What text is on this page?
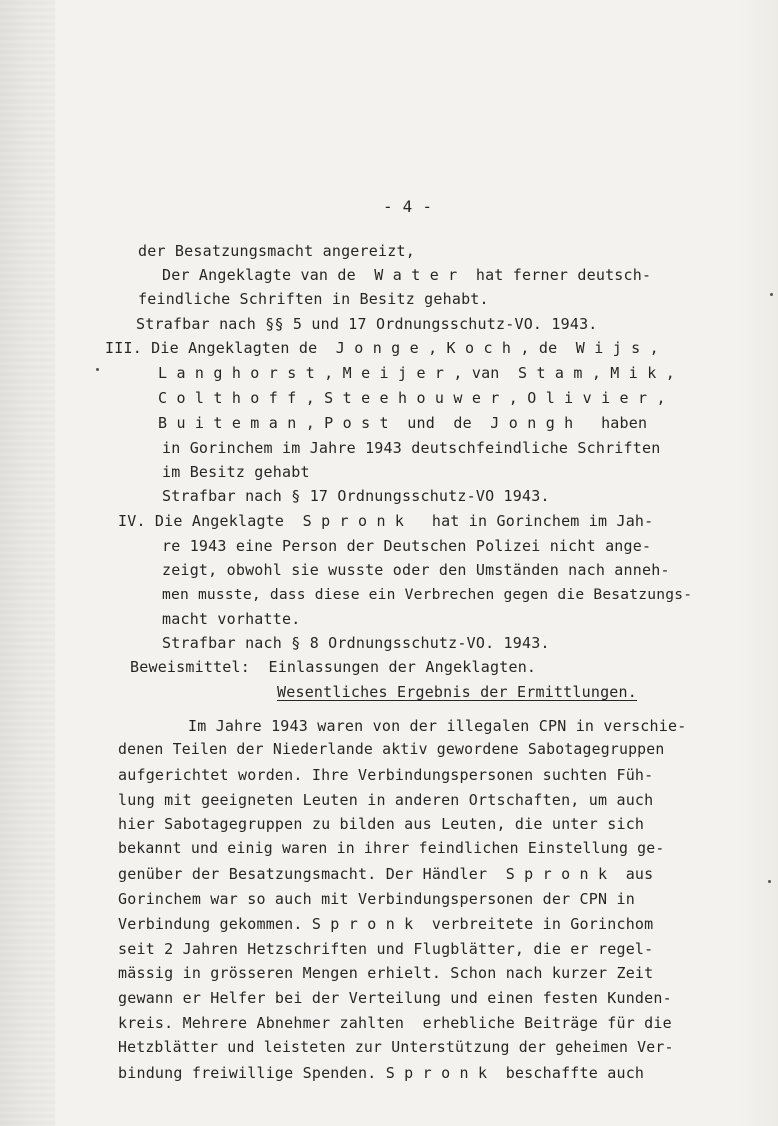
- 4 -
der Besatzungsmacht angereizt,
Der Angeklagte van de  W a t e r  hat ferner deutsch-
feindliche Schriften in Besitz gehabt.
Strafbar nach §§ 5 und 17 Ordnungsschutz-VO. 1943.
III. Die Angeklagten de  J o n g e , K o c h , de  W i j s ,
L a n g h o r s t , M e i j e r , van  S t a m , M i k ,
C o l t h o f f , S t e e h o u w e r , O l i v i e r ,
B u i t e m a n , P o s t  und  de  J o n g h   haben
in Gorinchem im Jahre 1943 deutschfeindliche Schriften
im Besitz gehabt
Strafbar nach § 17 Ordnungsschutz-VO 1943.
IV. Die Angeklagte  S p r o n k   hat in Gorinchem im Jah-
re 1943 eine Person der Deutschen Polizei nicht ange-
zeigt, obwohl sie wusste oder den Umständen nach anneh-
men musste, dass diese ein Verbrechen gegen die Besatzungs-
macht vorhatte.
Strafbar nach § 8 Ordnungsschutz-VO. 1943.
Beweismittel:  Einlassungen der Angeklagten.
Wesentliches Ergebnis der Ermittlungen.
Im Jahre 1943 waren von der illegalen CPN in verschie-
denen Teilen der Niederlande aktiv gewordene Sabotagegruppen
aufgerichtet worden. Ihre Verbindungspersonen suchten Füh-
lung mit geeigneten Leuten in anderen Ortschaften, um auch
hier Sabotagegruppen zu bilden aus Leuten, die unter sich
bekannt und einig waren in ihrer feindlichen Einstellung ge-
genüber der Besatzungsmacht. Der Händler  S p r o n k  aus
Gorinchem war so auch mit Verbindungspersonen der CPN in
Verbindung gekommen. S p r o n k  verbreitete in Gorinchom
seit 2 Jahren Hetzschriften und Flugblätter, die er regel-
mässig in grösseren Mengen erhielt. Schon nach kurzer Zeit
gewann er Helfer bei der Verteilung und einen festen Kunden-
kreis. Mehrere Abnehmer zahlten  erhebliche Beiträge für die
Hetzblätter und leisteten zur Unterstützung der geheimen Ver-
bindung freiwillige Spenden. S p r o n k  beschaffte auch
